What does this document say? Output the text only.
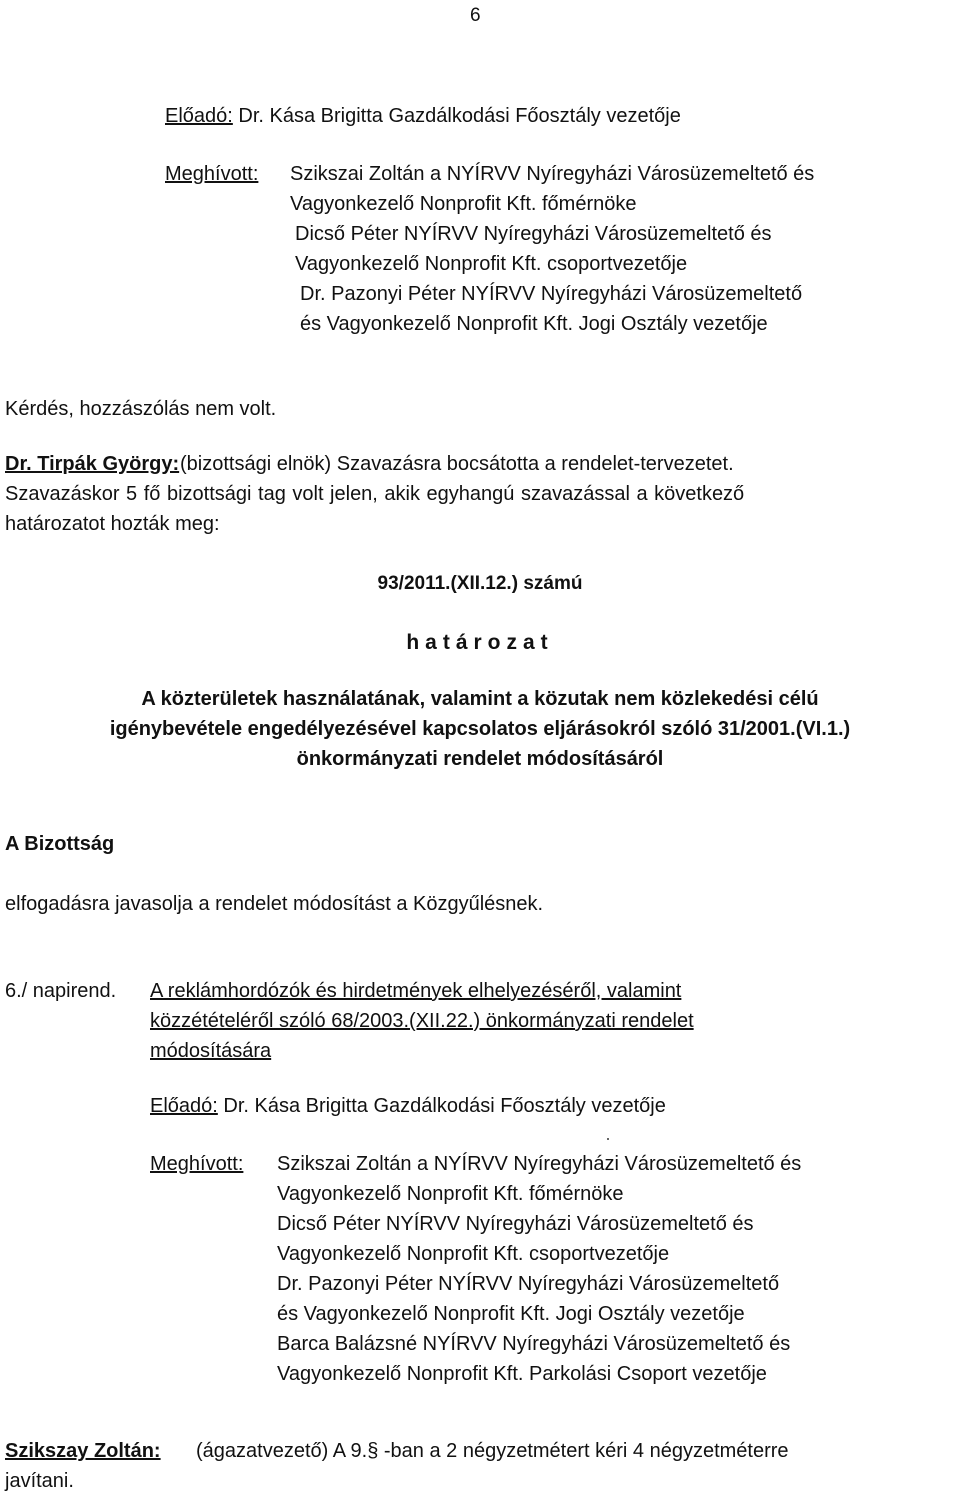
6
Előadó: Dr. Kása Brigitta Gazdálkodási Főosztály vezetője
Meghívott: Szikszai Zoltán a NYÍRVV Nyíregyházi Városüzemeltető és
Vagyonkezelő Nonprofit Kft. főmérnöke
Dicső Péter NYÍRVV Nyíregyházi Városüzemeltető és
Vagyonkezelő Nonprofit Kft. csoportvezetője
Dr. Pazonyi Péter NYÍRVV Nyíregyházi Városüzemeltető
és Vagyonkezelő Nonprofit Kft. Jogi Osztály vezetője
Kérdés, hozzászólás nem volt.
Dr. Tirpák György: (bizottsági elnök) Szavazásra bocsátotta a rendelet-tervezetet.
Szavazáskor 5 fő bizottsági tag volt jelen, akik egyhangú szavazással a következő
határozatot hozták meg:
93/2011.(XII.12.) számú
határozat
A közterületek használatának, valamint a közutak nem közlekedési célú
igénybevétele engedélyezésével kapcsolatos eljárásokról szóló 31/2001.(VI.1.)
önkormányzati rendelet módosításáról
A Bizottság
elfogadásra javasolja a rendelet módosítást a Közgyűlésnek.
6./ napirend. A reklámhordózók és hirdetmények elhelyezéséről, valamint
közzétételéről szóló 68/2003.(XII.22.) önkormányzati rendelet
módosítására
Előadó: Dr. Kása Brigitta Gazdálkodási Főosztály vezetője
Meghívott: Szikszai Zoltán a NYÍRVV Nyíregyházi Városüzemeltető és
Vagyonkezelő Nonprofit Kft. főmérnöke
Dicső Péter NYÍRVV Nyíregyházi Városüzemeltető és
Vagyonkezelő Nonprofit Kft. csoportvezetője
Dr. Pazonyi Péter NYÍRVV Nyíregyházi Városüzemeltető
és Vagyonkezelő Nonprofit Kft. Jogi Osztály vezetője
Barca Balázsné NYÍRVV Nyíregyházi Városüzemeltető és
Vagyonkezelő Nonprofit Kft. Parkolási Csoport vezetője
Szikszay Zoltán: (ágazatvezető) A 9.§ -ban a 2 négyzetmétert kéri 4 négyzetméterre
javítani.
